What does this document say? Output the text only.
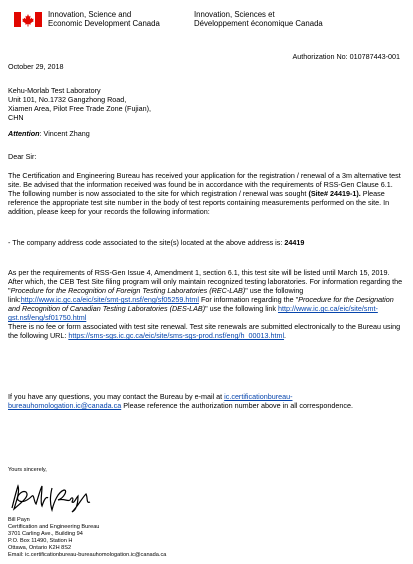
Innovation, Science and
Economic Development Canada
Innovation, Sciences et
Développement économique Canada
Authorization No: 010787443-001
October 29, 2018
Kehu-Morlab Test Laboratory
Unit 101, No.1732 Gangzhong Road,
Xiamen Area, Pilot Free Trade Zone (Fujian),
CHN
Attention: Vincent Zhang
Dear Sir:
The Certification and Engineering Bureau has received your application for the registration / renewal of a 3m alternative test site. Be advised that the information received was found be in accordance with the requirements of RSS-Gen Clause 6.1. The following number is now associated to the site for which registration / renewal was sought (Site# 24419-1). Please reference the appropriate test site number in the body of test reports containing measurements performed on the site. In addition, please keep for your records the following information:
- The company address code associated to the site(s) located at the above address is: 24419
As per the requirements of RSS-Gen Issue 4, Amendment 1, section 6.1, this test site will be listed until March 15, 2019. After which, the CEB Test Site filing program will only maintain recognized testing laboratories. For information regarding the "Procedure for the Recognition of Foreign Testing Laboratories (REC-LAB)" use the following link:http://www.ic.gc.ca/eic/site/smt-gst.nsf/eng/sf05259.html For information regarding the "Procedure for the Designation and Recognition of Canadian Testing Laboratories (DES-LAB)" use the following link http://www.ic.gc.ca/eic/site/smt-gst.nsf/eng/sf01750.html
There is no fee or form associated with test site renewal. Test site renewals are submitted electronically to the Bureau using the following URL: https://sms-sgs.ic.gc.ca/eic/site/sms-sgs-prod.nsf/eng/h_00013.html.
If you have any questions, you may contact the Bureau by e-mail at ic.certificationbureau-bureauhomologation.ic@canada.ca Please reference the authorization number above in all correspondence.
Yours sincerely,
Bill Payn
Certification and Engineering Bureau
3701 Carling Ave., Building 94
P.O. Box 11490, Station H
Ottawa, Ontario K2H 8S2
Email: ic.certificationbureau-bureauhomologation.ic@canada.ca
